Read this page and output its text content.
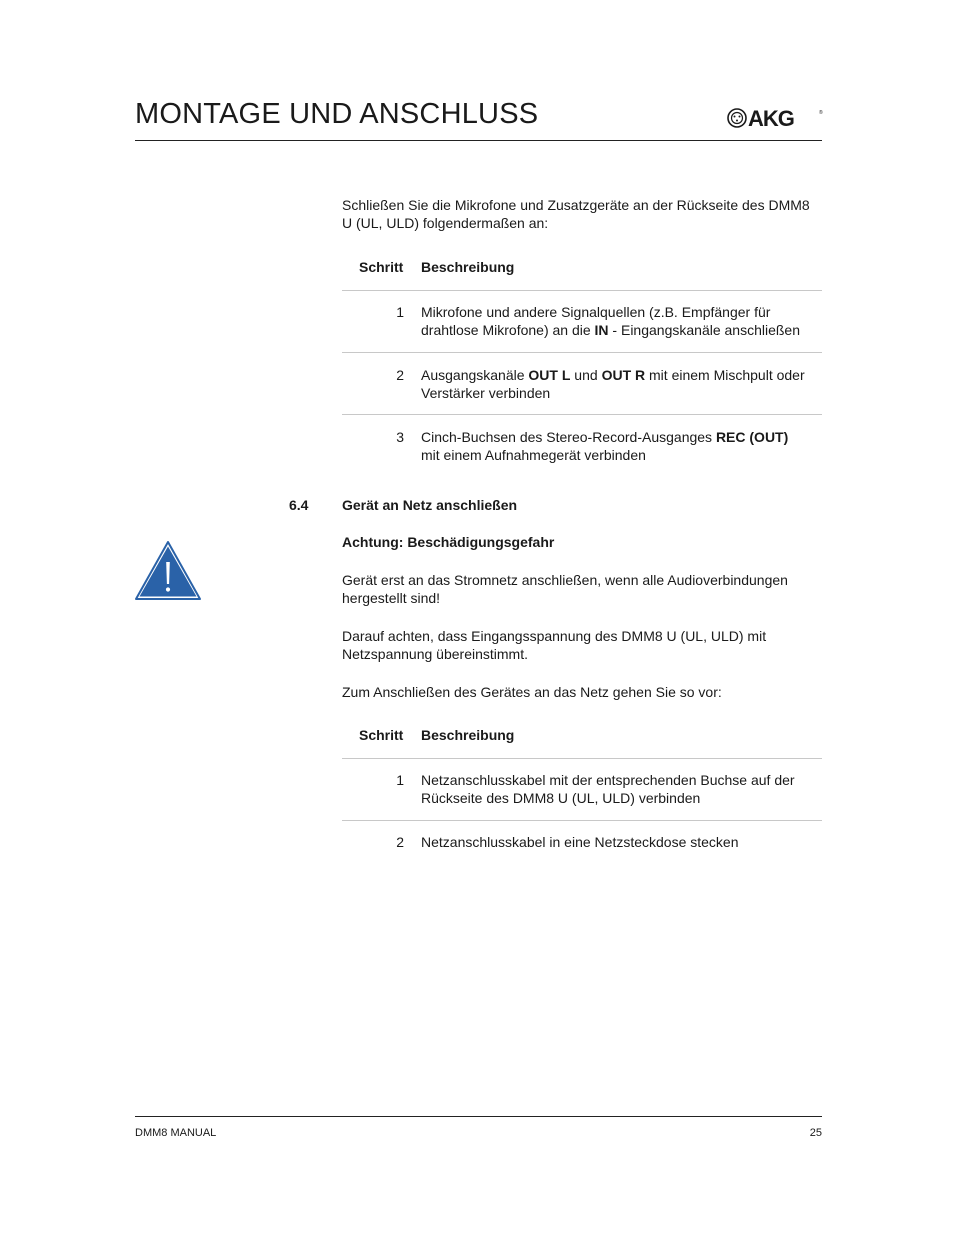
MONTAGE UND ANSCHLUSS	AKG	®
Schließen Sie die Mikrofone und Zusatzgeräte an der Rückseite des DMM8 U (UL, ULD) folgendermaßen an:
Schritt Beschreibung
1 Mikrofone und andere Signalquellen (z.B. Empfänger für
drahtlose Mikrofone) an die IN - Eingangskanäle anschließen
2 Ausgangskanäle OUT L und OUT R mit einem Mischpult oder
Verstärker verbinden
3 Cinch-Buchsen des Stereo-Record-Ausganges REC (OUT)
mit einem Aufnahmegerät verbinden
6.4 Gerät an Netz anschließen
Achtung: Beschädigungsgefahr
Gerät erst an das Stromnetz anschließen, wenn alle Audioverbindungen
hergestellt sind!
Darauf achten, dass Eingangsspannung des DMM8 U (UL, ULD) mit
Netzspannung übereinstimmt.
Zum Anschließen des Gerätes an das Netz gehen Sie so vor:
Schritt Beschreibung
1 Netzanschlusskabel mit der entsprechenden Buchse auf der
Rückseite des DMM8 U (UL, ULD) verbinden
2 Netzanschlusskabel in eine Netzsteckdose stecken
DMM8 MANUAL	25
